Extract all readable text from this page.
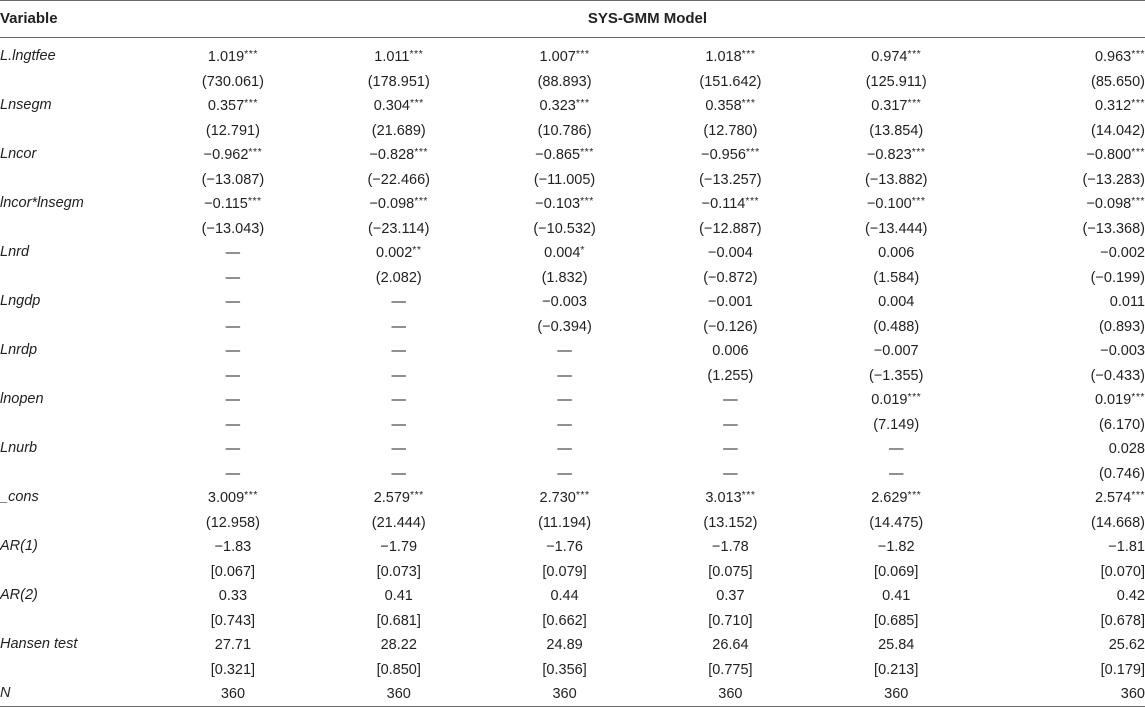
Variable	SYS-GMM Model					
L.lngtfee	1.019***	1.011***	1.007***	1.018***	0.974***	0.963***
	(730.061)	(178.951)	(88.893)	(151.642)	(125.911)	(85.650)
Lnsegm	0.357***	0.304***	0.323***	0.358***	0.317***	0.312***
	(12.791)	(21.689)	(10.786)	(12.780)	(13.854)	(14.042)
Lncor	−0.962***	−0.828***	−0.865***	−0.956***	−0.823***	−0.800***
	(−13.087)	(−22.466)	(−11.005)	(−13.257)	(−13.882)	(−13.283)
lncor*lnsegm	−0.115***	−0.098***	−0.103***	−0.114***	−0.100***	−0.098***
	(−13.043)	(−23.114)	(−10.532)	(−12.887)	(−13.444)	(−13.368)
Lnrd	—	0.002**	0.004*	−0.004	0.006	−0.002
	—	(2.082)	(1.832)	(−0.872)	(1.584)	(−0.199)
Lngdp	—	—	−0.003	−0.001	0.004	0.011
	—	—	(−0.394)	(−0.126)	(0.488)	(0.893)
Lnrdp	—	—	—	0.006	−0.007	−0.003
	—	—	—	(1.255)	(−1.355)	(−0.433)
lnopen	—	—	—	—	0.019***	0.019***
	—	—	—	—	(7.149)	(6.170)
Lnurb	—	—	—	—	—	0.028
	—	—	—	—	—	(0.746)
_cons	3.009***	2.579***	2.730***	3.013***	2.629***	2.574***
	(12.958)	(21.444)	(11.194)	(13.152)	(14.475)	(14.668)
AR(1)	−1.83	−1.79	−1.76	−1.78	−1.82	−1.81
	[0.067]	[0.073]	[0.079]	[0.075]	[0.069]	[0.070]
AR(2)	0.33	0.41	0.44	0.37	0.41	0.42
	[0.743]	[0.681]	[0.662]	[0.710]	[0.685]	[0.678]
Hansen test	27.71	28.22	24.89	26.64	25.84	25.62
	[0.321]	[0.850]	[0.356]	[0.775]	[0.213]	[0.179]
N	360	360	360	360	360	360
